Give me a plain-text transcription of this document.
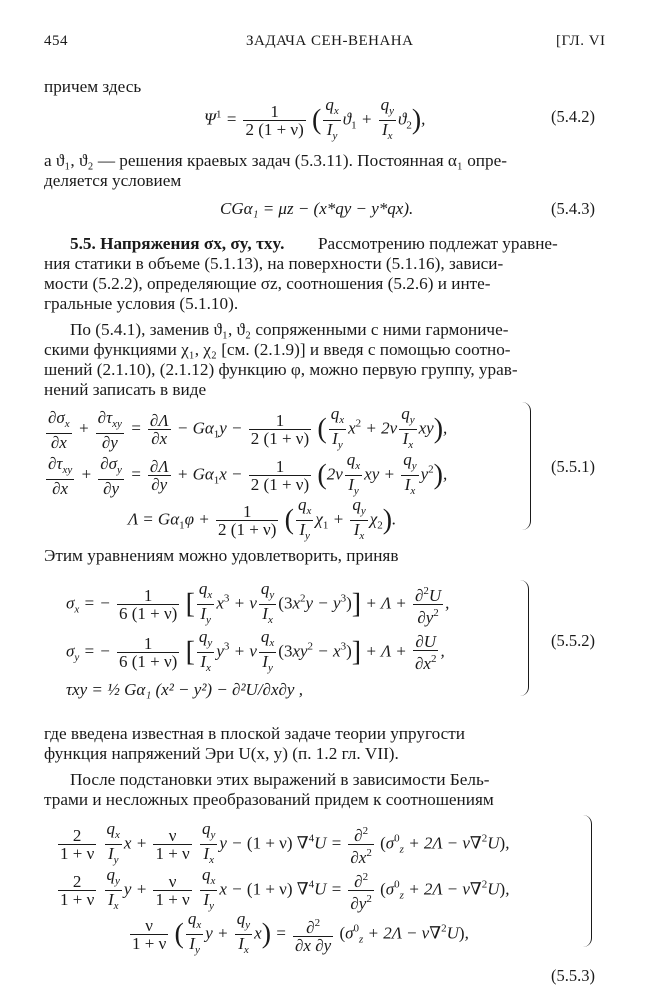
454	ЗАДАЧА СЕН-ВЕНАНА	[ГЛ. VI
причем здесь
$\Psi^1 = \frac{1}{2 (1 + \nu)}$ ( $\frac{q_x}{I_y} ϑ_1 + \frac{q_y}{I_x} ϑ_2$),	(5.4.2)
а ϑ₁, ϑ₂ — решения краевых задач (5.3.11). Постоянная α₁ опре-
деляется условием
CGα₁ = μz − (x*qy − y*qx).	(5.4.3)
5.5. Напряжения σx, σy, τxy. Рассмотрению подлежат уравне-
ния статики в объеме (5.1.13), на поверхности (5.1.16), зависи-
мости (5.2.2), определяющие σz, соотношения (5.2.6) и инте-
гральные условия (5.1.10).
По (5.4.1), заменив ϑ₁, ϑ₂ сопряженными с ними гармониче-
скими функциями χ₁, χ₂ [см. (2.1.9)] и введя с помощью соотно-
шений (2.1.10), (2.1.12) функцию φ, можно первую группу, урав-
нений записать в виде
$\frac{\partial\sigma_x}{\partial x} + \frac{\partial\tau_{xy}}{\partial y} = \frac{\partial\Lambda}{\partial x} - G\alpha_1y - \frac{1}{2 (1 + \nu)}$ ( $\frac{q_x}{I_y} x^2 + 2\nu \frac{q_y}{I_x} xy$),
$\frac{\partial\tau_{xy}}{\partial x} + \frac{\partial\sigma_y}{\partial y} = \frac{\partial\Lambda}{\partial y} + G\alpha_1x - \frac{1}{2 (1 + \nu)} (2\nu \frac{q_x}{I_y}$ xy + $\frac{q_y}{I_x} y^2$),
$\Lambda = G\alpha_1\varphi + \frac{1}{2 (1 + \nu)}$ ( $\frac{q_x}{I_y} \chi_1 + \frac{q_y}{I_x} \chi_2$).
(5.5.1)
Этим уравнениям можно удовлетворить, приняв
$\sigma_x$ = − $\frac{1}{6 (1 + \nu)}$ [ $\frac{q_x}{I_y} x^3 + \nu \frac{q_y}{I_x} (3x^2y - y^3)] + \Lambda + \frac{\partial^2U}{\partial y^2}$ ,
$\sigma_y$ = − $\frac{1}{6 (1 + \nu)}$ [ $\frac{q_y}{I_x} y^3 + \nu \frac{q_x}{I_y} (3xy^2 - x^3)] + \Lambda + \frac{\partial U}{\partial x^2}$ ,
τxy = ½ Gα₁ (x² − y²) − ∂²U/∂x∂y ,
(5.5.2)
где введена известная в плоской задаче теории упругости
функция напряжений Эри U(x, y) (п. 1.2 гл. VII).
После подстановки этих выражений в зависимости Бель-
трами и несложных преобразований придем к соотношениям
$\frac{2}{1 + \nu}$
$\frac{q_x}{I_y}$ $x + \frac{\nu}{1 + \nu}$
$\frac{q_y}{I_x}$ y − (1 + ν) $\nabla^4U = \frac{\partial^2}{\partial x^2} (\sigma^0_z + 2\Lambda - \nu\nabla^2U)$,
$\frac{2}{1 + \nu}$
$\frac{q_y}{I_x}$ $y + \frac{\nu}{1 + \nu}$
$\frac{q_x}{I_y}$ x − (1 + ν) $\nabla^4U = \frac{\partial^2}{\partial y^2} (\sigma^0_z + 2\Lambda - \nu\nabla^2U)$,
$\frac{\nu}{1 + \nu}$ ( $\frac{q_x}{I_y}$ $y + \frac{q_y}{I_x} x) = \frac{\partial^2}{\partial x \partial y} (\sigma^0_z + 2\Lambda - \nu\nabla^2U)$,
(5.5.3)
